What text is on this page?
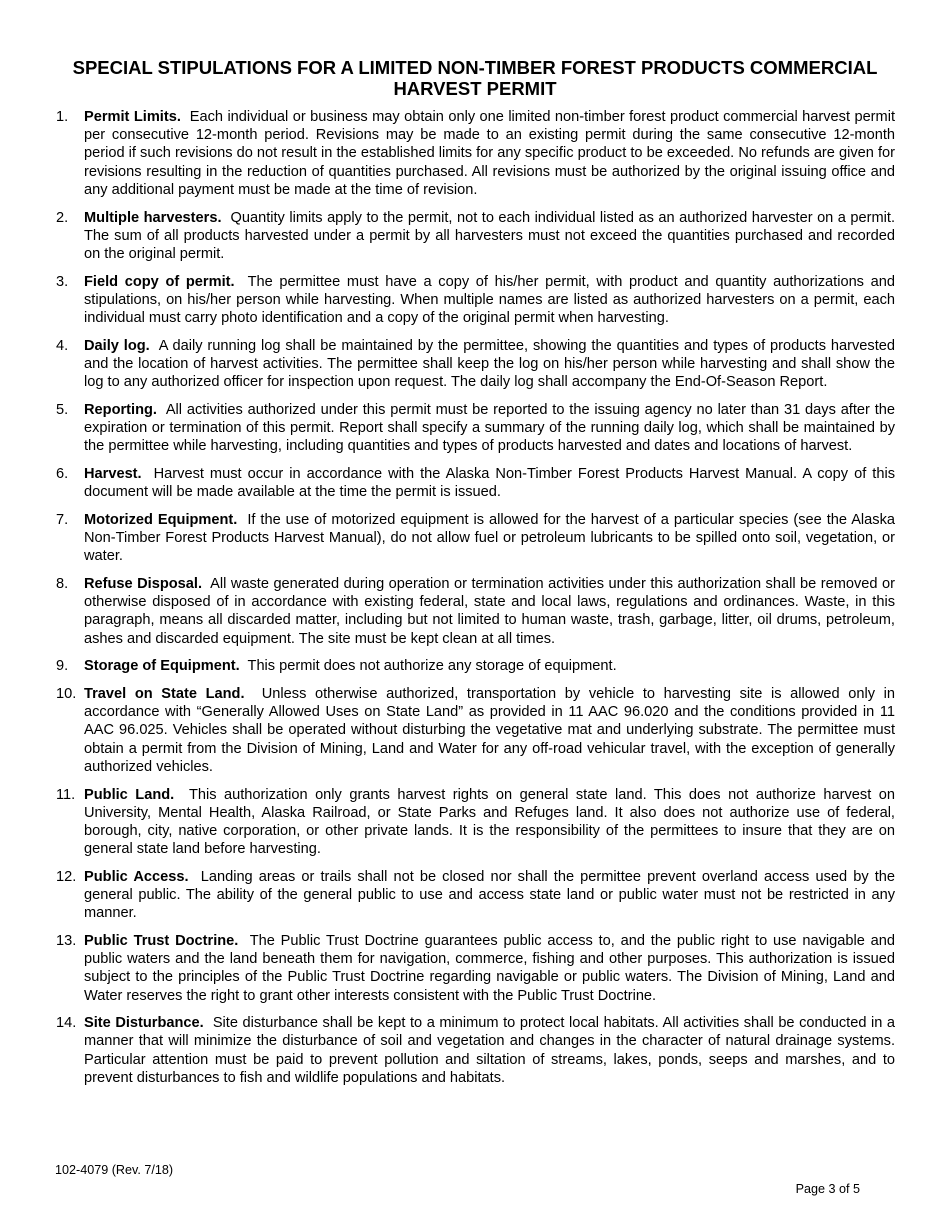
SPECIAL STIPULATIONS FOR A LIMITED NON-TIMBER FOREST PRODUCTS COMMERCIAL HARVEST PERMIT
1.	Permit Limits. Each individual or business may obtain only one limited non-timber forest product commercial harvest permit per consecutive 12-month period. Revisions may be made to an existing permit during the same consecutive 12-month period if such revisions do not result in the established limits for any specific product to be exceeded. No refunds are given for revisions resulting in the reduction of quantities purchased. All revisions must be authorized by the original issuing office and any additional payment must be made at the time of revision.
2.	Multiple harvesters. Quantity limits apply to the permit, not to each individual listed as an authorized harvester on a permit. The sum of all products harvested under a permit by all harvesters must not exceed the quantities purchased and recorded on the original permit.
3.	Field copy of permit. The permittee must have a copy of his/her permit, with product and quantity authorizations and stipulations, on his/her person while harvesting. When multiple names are listed as authorized harvesters on a permit, each individual must carry photo identification and a copy of the original permit when harvesting.
4.	Daily log. A daily running log shall be maintained by the permittee, showing the quantities and types of products harvested and the location of harvest activities. The permittee shall keep the log on his/her person while harvesting and shall show the log to any authorized officer for inspection upon request. The daily log shall accompany the End-Of-Season Report.
5.	Reporting. All activities authorized under this permit must be reported to the issuing agency no later than 31 days after the expiration or termination of this permit. Report shall specify a summary of the running daily log, which shall be maintained by the permittee while harvesting, including quantities and types of products harvested and dates and locations of harvest.
6.	Harvest. Harvest must occur in accordance with the Alaska Non-Timber Forest Products Harvest Manual. A copy of this document will be made available at the time the permit is issued.
7.	Motorized Equipment. If the use of motorized equipment is allowed for the harvest of a particular species (see the Alaska Non-Timber Forest Products Harvest Manual), do not allow fuel or petroleum lubricants to be spilled onto soil, vegetation, or water.
8.	Refuse Disposal. All waste generated during operation or termination activities under this authorization shall be removed or otherwise disposed of in accordance with existing federal, state and local laws, regulations and ordinances. Waste, in this paragraph, means all discarded matter, including but not limited to human waste, trash, garbage, litter, oil drums, petroleum, ashes and discarded equipment. The site must be kept clean at all times.
9.	Storage of Equipment. This permit does not authorize any storage of equipment.
10. Travel on State Land. Unless otherwise authorized, transportation by vehicle to harvesting site is allowed only in accordance with “Generally Allowed Uses on State Land” as provided in 11 AAC 96.020 and the conditions provided in 11 AAC 96.025. Vehicles shall be operated without disturbing the vegetative mat and underlying substrate. The permittee must obtain a permit from the Division of Mining, Land and Water for any off-road vehicular travel, with the exception of generally authorized vehicles.
11. Public Land. This authorization only grants harvest rights on general state land. This does not authorize harvest on University, Mental Health, Alaska Railroad, or State Parks and Refuges land. It also does not authorize use of federal, borough, city, native corporation, or other private lands. It is the responsibility of the permittees to insure that they are on general state land before harvesting.
12. Public Access. Landing areas or trails shall not be closed nor shall the permittee prevent overland access used by the general public. The ability of the general public to use and access state land or public water must not be restricted in any manner.
13. Public Trust Doctrine. The Public Trust Doctrine guarantees public access to, and the public right to use navigable and public waters and the land beneath them for navigation, commerce, fishing and other purposes. This authorization is issued subject to the principles of the Public Trust Doctrine regarding navigable or public waters. The Division of Mining, Land and Water reserves the right to grant other interests consistent with the Public Trust Doctrine.
14. Site Disturbance. Site disturbance shall be kept to a minimum to protect local habitats. All activities shall be conducted in a manner that will minimize the disturbance of soil and vegetation and changes in the character of natural drainage systems. Particular attention must be paid to prevent pollution and siltation of streams, lakes, ponds, seeps and marshes, and to prevent disturbances to fish and wildlife populations and habitats.
102-4079 (Rev. 7/18)
Page 3 of 5
